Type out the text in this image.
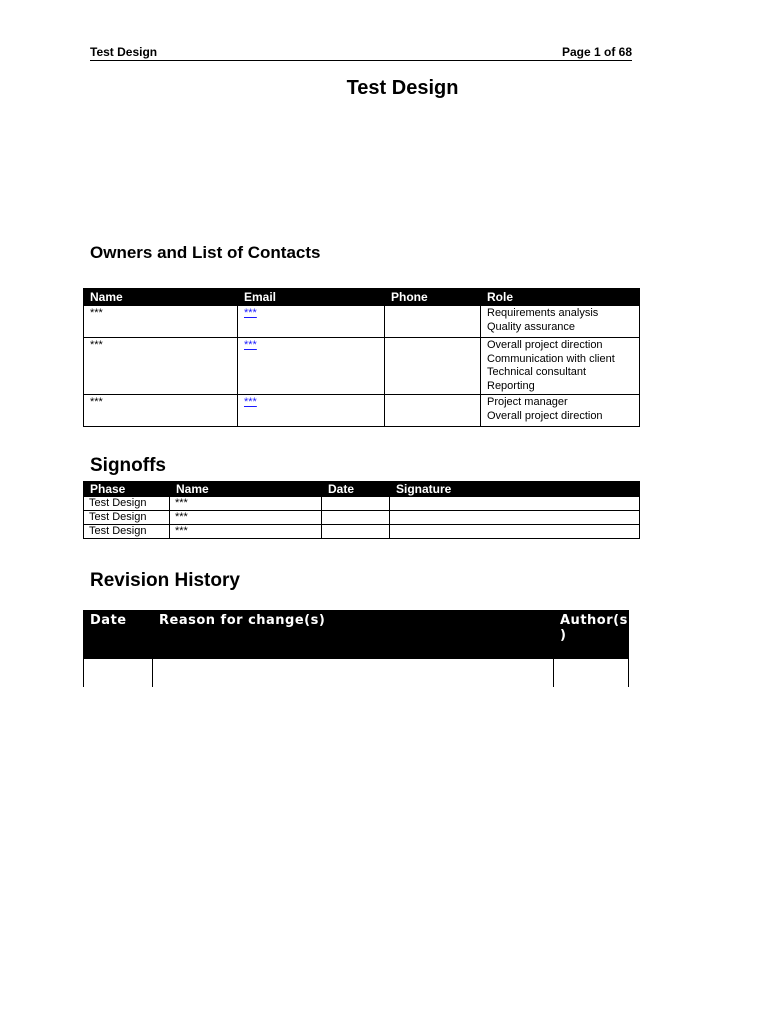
Test Design	Page 1 of 68
Test Design
Owners and List of Contacts
Name	Email	Phone	Role
***	***		Requirements analysis
Quality assurance

***	***		Overall project direction
Communication with client
Technical consultant
Reporting

***	***		Project manager
Overall project direction
Signoffs
Phase	Name	Date	Signature
Test Design	***		
Test Design	***		
Test Design	***		
Revision History
Date	Reason for change(s)	Author(s
)
